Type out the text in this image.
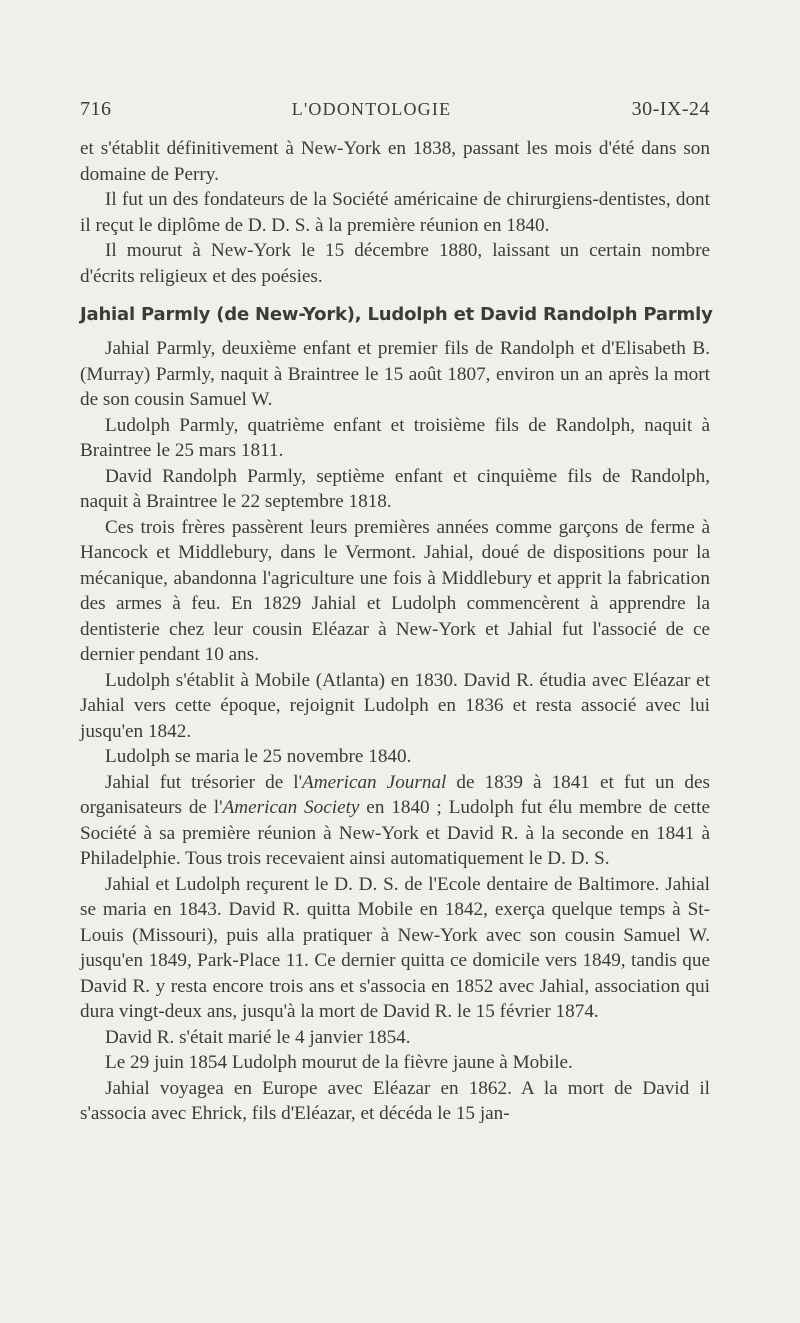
716	L'ODONTOLOGIE	30-IX-24

et s'établit définitivement à New-York en 1838, passant les mois d'été dans son domaine de Perry.

Il fut un des fondateurs de la Société américaine de chirurgiens-dentistes, dont il reçut le diplôme de D. D. S. à la première réunion en 1840.

Il mourut à New-York le 15 décembre 1880, laissant un certain nombre d'écrits religieux et des poésies.

Jahial Parmly (de New-York), Ludolph et David Randolph Parmly

Jahial Parmly, deuxième enfant et premier fils de Randolph et d'Elisabeth B. (Murray) Parmly, naquit à Braintree le 15 août 1807, environ un an après la mort de son cousin Samuel W.

Ludolph Parmly, quatrième enfant et troisième fils de Randolph, naquit à Braintree le 25 mars 1811.

David Randolph Parmly, septième enfant et cinquième fils de Randolph, naquit à Braintree le 22 septembre 1818.

Ces trois frères passèrent leurs premières années comme garçons de ferme à Hancock et Middlebury, dans le Vermont. Jahial, doué de dispositions pour la mécanique, abandonna l'agriculture une fois à Middlebury et apprit la fabrication des armes à feu. En 1829 Jahial et Ludolph commencèrent à apprendre la dentisterie chez leur cousin Eléazar à New-York et Jahial fut l'associé de ce dernier pendant 10 ans.

Ludolph s'établit à Mobile (Atlanta) en 1830. David R. étudia avec Eléazar et Jahial vers cette époque, rejoignit Ludolph en 1836 et resta associé avec lui jusqu'en 1842.

Ludolph se maria le 25 novembre 1840.

Jahial fut trésorier de l'American Journal de 1839 à 1841 et fut un des organisateurs de l'American Society en 1840 ; Ludolph fut élu membre de cette Société à sa première réunion à New-York et David R. à la seconde en 1841 à Philadelphie. Tous trois recevaient ainsi automatiquement le D. D. S.

Jahial et Ludolph reçurent le D. D. S. de l'Ecole dentaire de Baltimore. Jahial se maria en 1843. David R. quitta Mobile en 1842, exerça quelque temps à St-Louis (Missouri), puis alla pratiquer à New-York avec son cousin Samuel W. jusqu'en 1849, Park-Place 11. Ce dernier quitta ce domicile vers 1849, tandis que David R. y resta encore trois ans et s'associa en 1852 avec Jahial, association qui dura vingt-deux ans, jusqu'à la mort de David R. le 15 février 1874.

David R. s'était marié le 4 janvier 1854.

Le 29 juin 1854 Ludolph mourut de la fièvre jaune à Mobile.

Jahial voyagea en Europe avec Eléazar en 1862. A la mort de David il s'associa avec Ehrick, fils d'Eléazar, et décéda le 15 jan-
